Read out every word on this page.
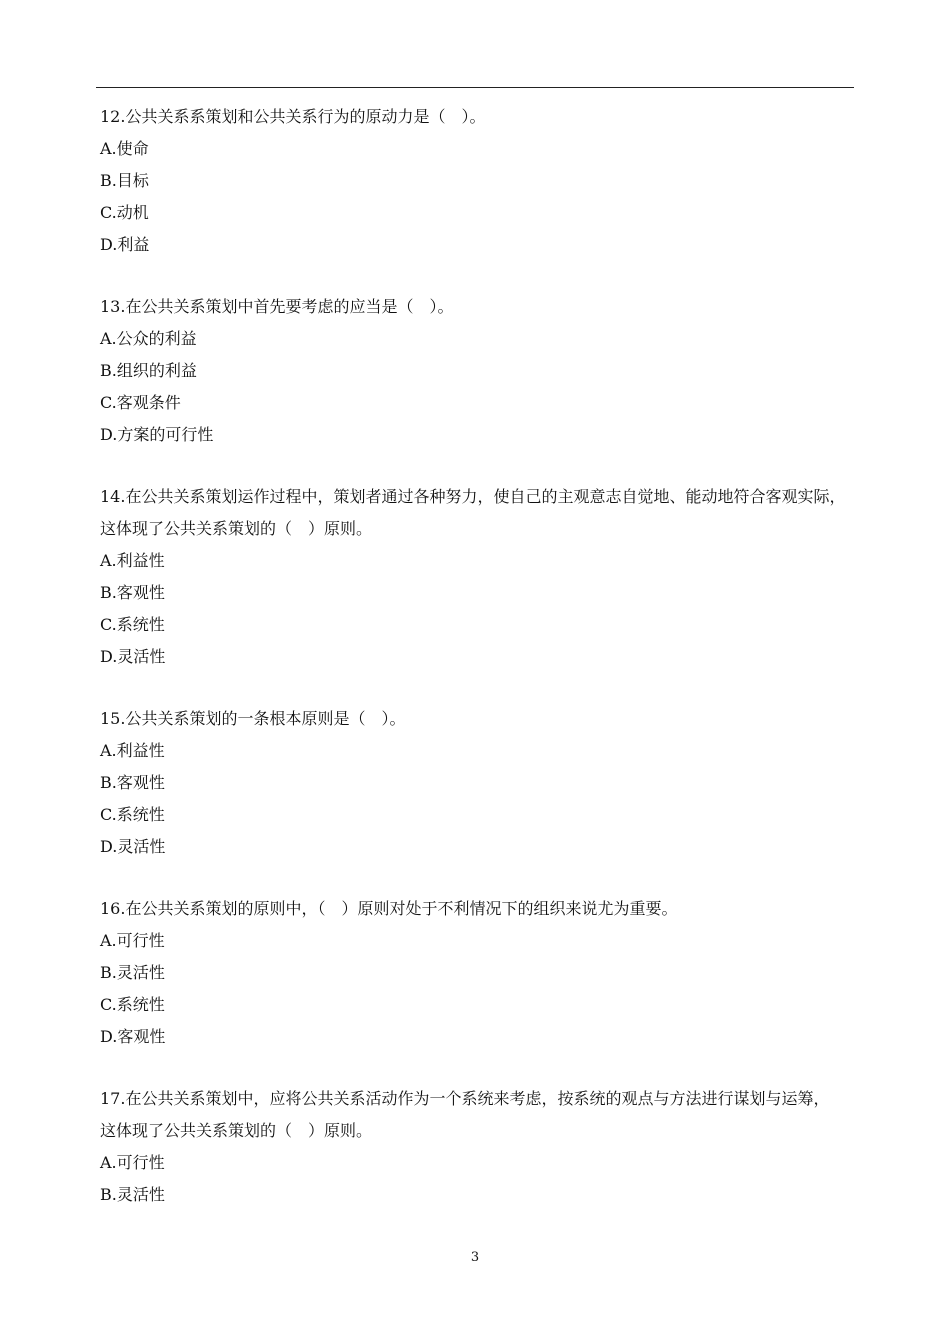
12.公共关系系策划和公共关系行为的原动力是（　）。
A.使命
B.目标
C.动机
D.利益
13.在公共关系策划中首先要考虑的应当是（　）。
A.公众的利益
B.组织的利益
C.客观条件
D.方案的可行性
14.在公共关系策划运作过程中，策划者通过各种努力，使自己的主观意志自觉地、能动地符合客观实际，
这体现了公共关系策划的（　）原则。
A.利益性
B.客观性
C.系统性
D.灵活性
15.公共关系策划的一条根本原则是（　）。
A.利益性
B.客观性
C.系统性
D.灵活性
16.在公共关系策划的原则中，（　）原则对处于不利情况下的组织来说尤为重要。
A.可行性
B.灵活性
C.系统性
D.客观性
17.在公共关系策划中，应将公共关系活动作为一个系统来考虑，按系统的观点与方法进行谋划与运筹，
这体现了公共关系策划的（　）原则。
A.可行性
B.灵活性
3
